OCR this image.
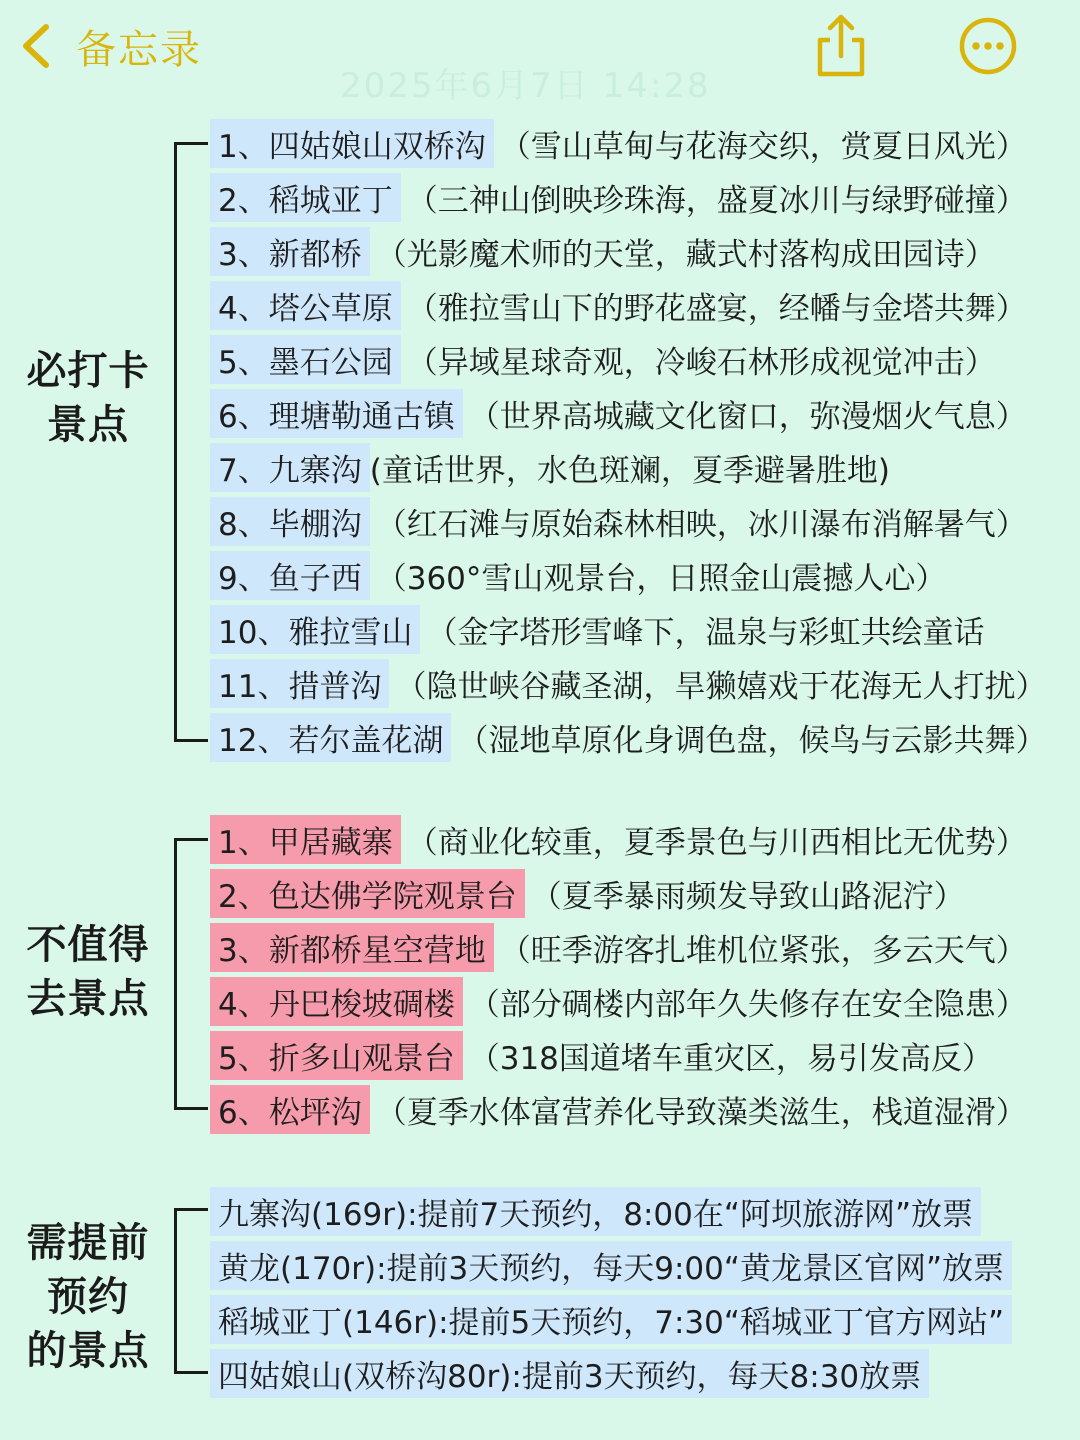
备忘录
2025年6月7日 14:28
必打卡
景点
1、四姑娘山双桥沟 （雪山草甸与花海交织，赏夏日风光）
2、稻城亚丁 （三神山倒映珍珠海，盛夏冰川与绿野碰撞）
3、新都桥 （光影魔术师的天堂，藏式村落构成田园诗）
4、塔公草原 （雅拉雪山下的野花盛宴，经幡与金塔共舞）
5、墨石公园 （异域星球奇观，冷峻石林形成视觉冲击）
6、理塘勒通古镇 （世界高城藏文化窗口，弥漫烟火气息）
7、九寨沟 (童话世界，水色斑斓，夏季避暑胜地)
8、毕棚沟 （红石滩与原始森林相映，冰川瀑布消解暑气）
9、鱼子西 （360°雪山观景台，日照金山震撼人心）
10、雅拉雪山 （金字塔形雪峰下，温泉与彩虹共绘童话
11、措普沟 （隐世峡谷藏圣湖，旱獭嬉戏于花海无人打扰）
12、若尔盖花湖 （湿地草原化身调色盘，候鸟与云影共舞）
不值得
去景点
1、甲居藏寨 （商业化较重，夏季景色与川西相比无优势）
2、色达佛学院观景台 （夏季暴雨频发导致山路泥泞）
3、新都桥星空营地 （旺季游客扎堆机位紧张，多云天气）
4、丹巴梭坡碉楼 （部分碉楼内部年久失修存在安全隐患）
5、折多山观景台 （318国道堵车重灾区，易引发高反）
6、松坪沟 （夏季水体富营养化导致藻类滋生，栈道湿滑）
需提前
预约
的景点
九寨沟(169r):提前7天预约，8:00在“阿坝旅游网”放票
黄龙(170r):提前3天预约，每天9:00“黄龙景区官网”放票
稻城亚丁(146r):提前5天预约，7:30“稻城亚丁官方网站”
四姑娘山(双桥沟80r):提前3天预约，每天8:30放票
